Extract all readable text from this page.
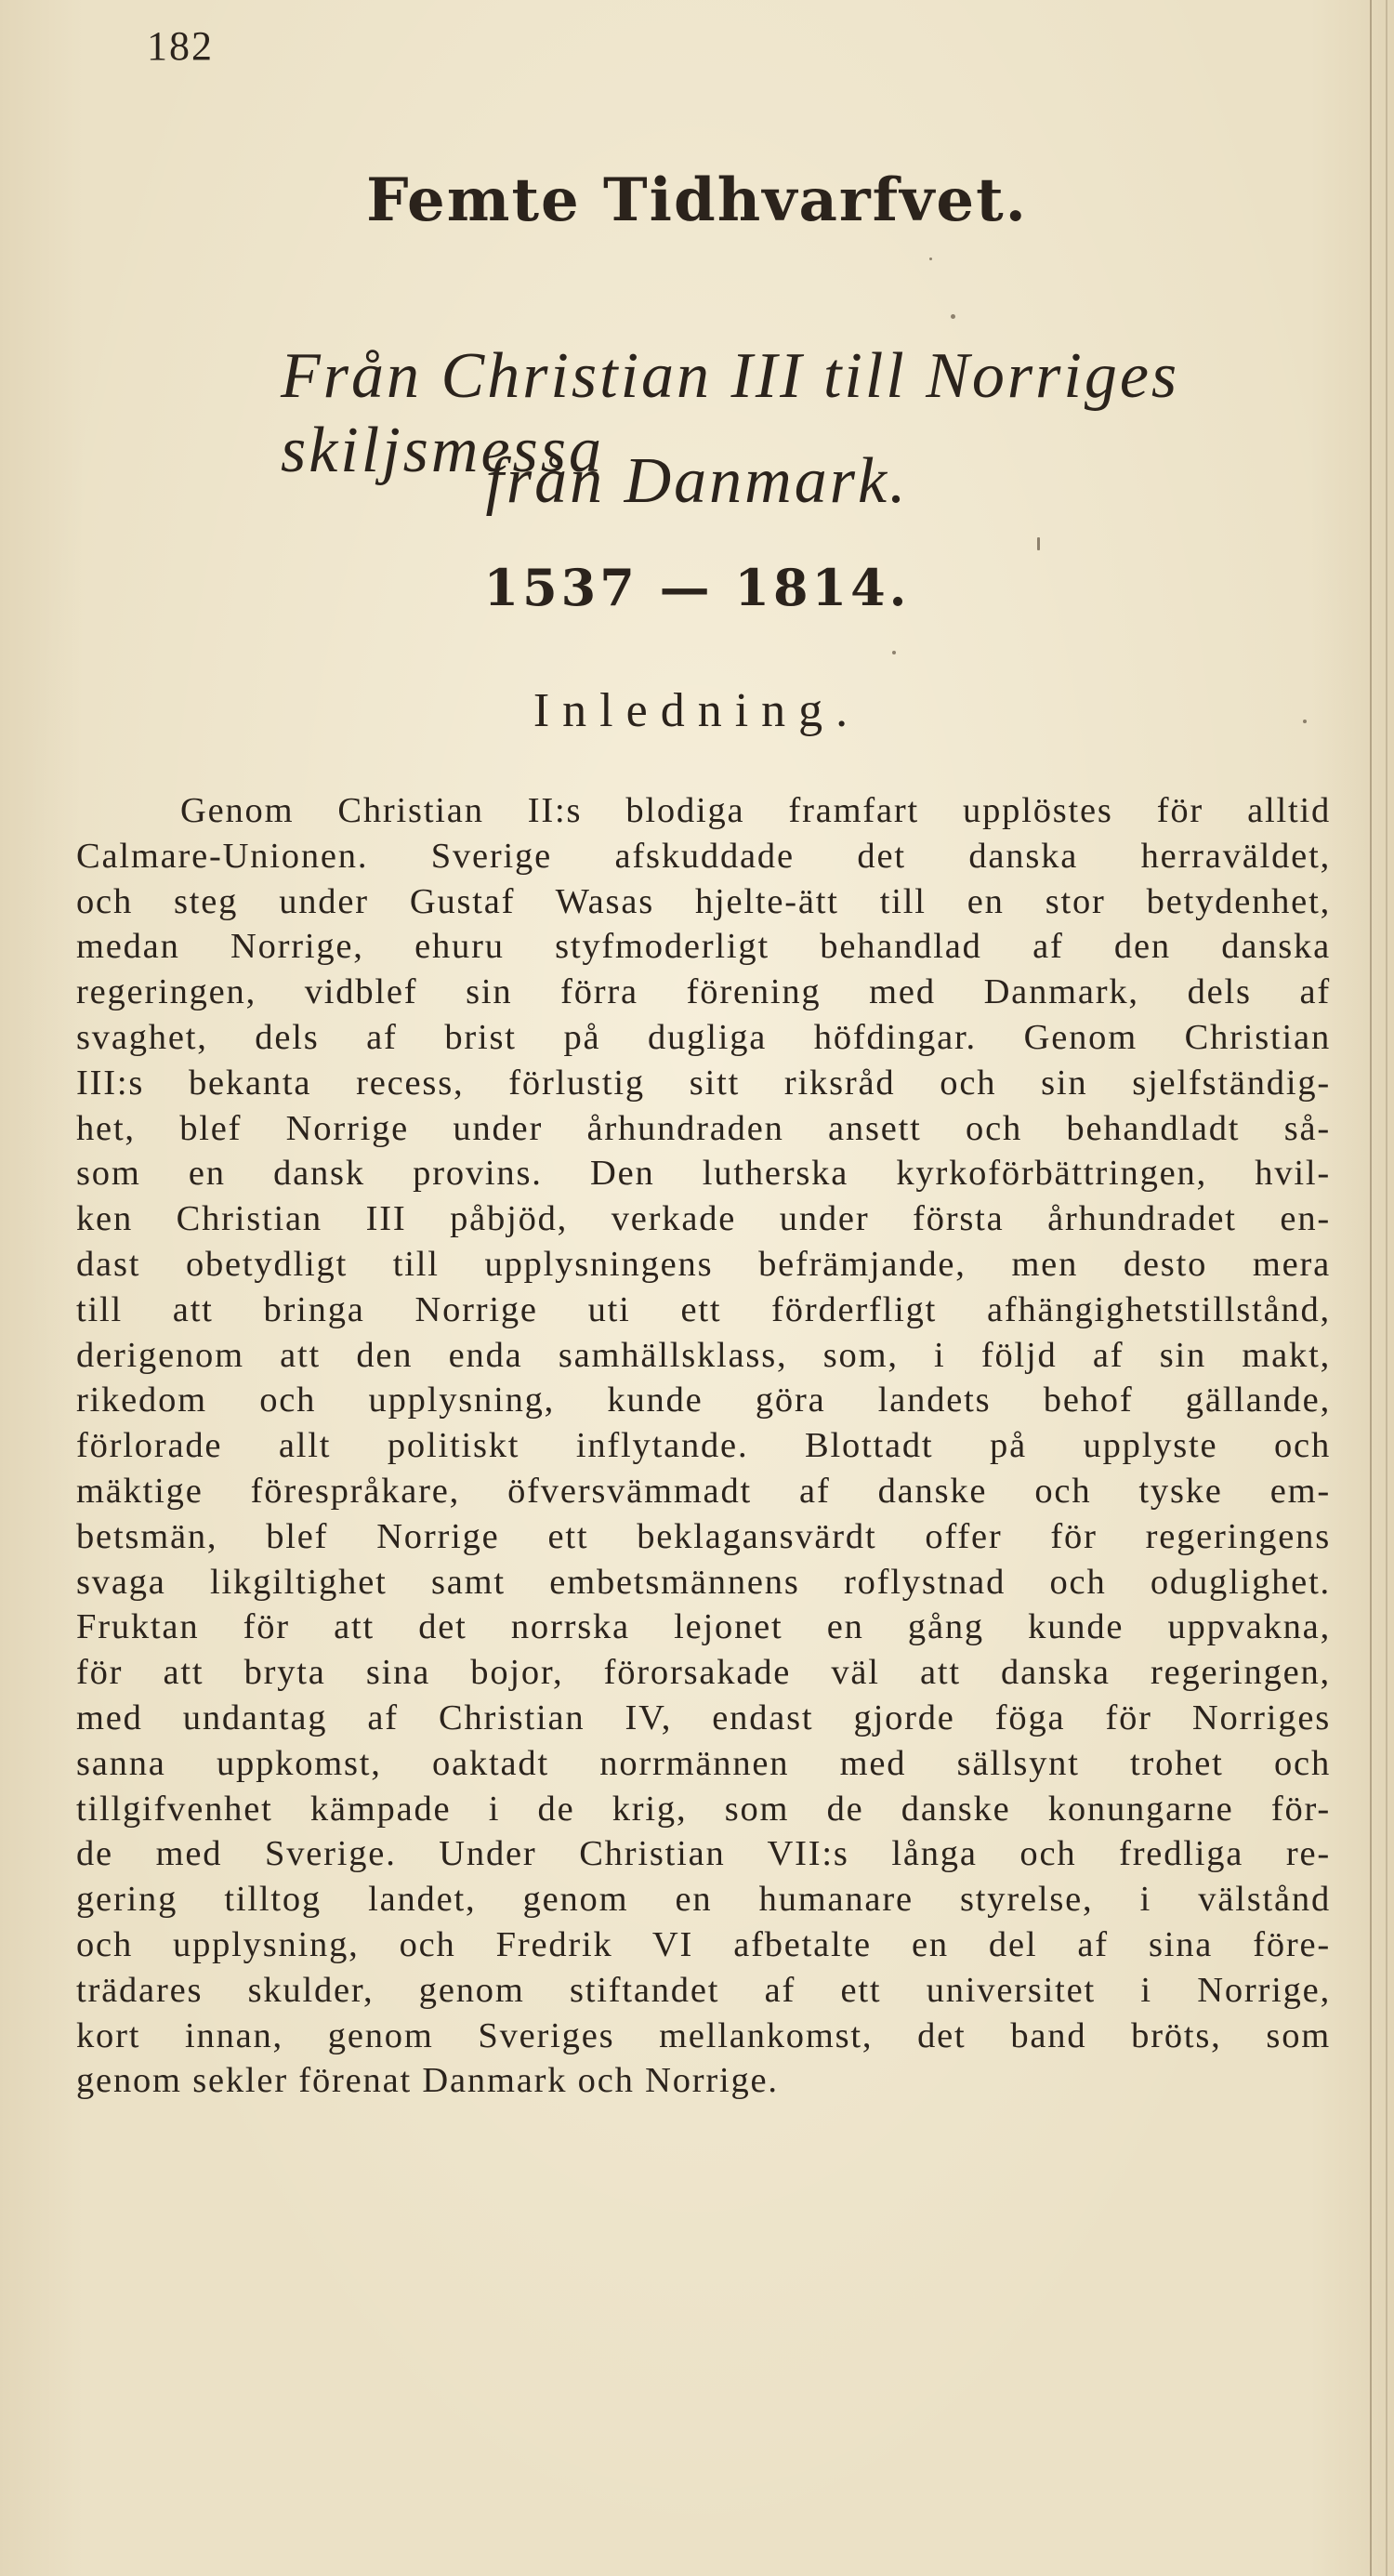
182
Femte Tidhvarfvet.
Från Christian III till Norriges skiljsmessa
från Danmark.
1537 — 1814.
Inledning.
Genom Christian II:s blodiga framfart upplöstes för alltid
Calmare-Unionen. Sverige afskuddade det danska herraväldet,
och steg under Gustaf Wasas hjelte-ätt till en stor betydenhet,
medan Norrige, ehuru styfmoderligt behandlad af den danska
regeringen, vidblef sin förra förening med Danmark, dels af
svaghet, dels af brist på dugliga höfdingar. Genom Christian
III:s bekanta recess, förlustig sitt riksråd och sin sjelfständig-
het, blef Norrige under århundraden ansett och behandladt så-
som en dansk provins. Den lutherska kyrkoförbättringen, hvil-
ken Christian III påbjöd, verkade under första århundradet en-
dast obetydligt till upplysningens befrämjande, men desto mera
till att bringa Norrige uti ett förderfligt afhängighetstillstånd,
derigenom att den enda samhällsklass, som, i följd af sin makt,
rikedom och upplysning, kunde göra landets behof gällande,
förlorade allt politiskt inflytande. Blottadt på upplyste och
mäktige förespråkare, öfversvämmadt af danske och tyske em-
betsmän, blef Norrige ett beklagansvärdt offer för regeringens
svaga likgiltighet samt embetsmännens roflystnad och oduglighet.
Fruktan för att det norrska lejonet en gång kunde uppvakna,
för att bryta sina bojor, förorsakade väl att danska regeringen,
med undantag af Christian IV, endast gjorde föga för Norriges
sanna uppkomst, oaktadt norrmännen med sällsynt trohet och
tillgifvenhet kämpade i de krig, som de danske konungarne för-
de med Sverige. Under Christian VII:s långa och fredliga re-
gering tilltog landet, genom en humanare styrelse, i välstånd
och upplysning, och Fredrik VI afbetalte en del af sina före-
trädares skulder, genom stiftandet af ett universitet i Norrige,
kort innan, genom Sveriges mellankomst, det band bröts, som
genom sekler förenat Danmark och Norrige.
